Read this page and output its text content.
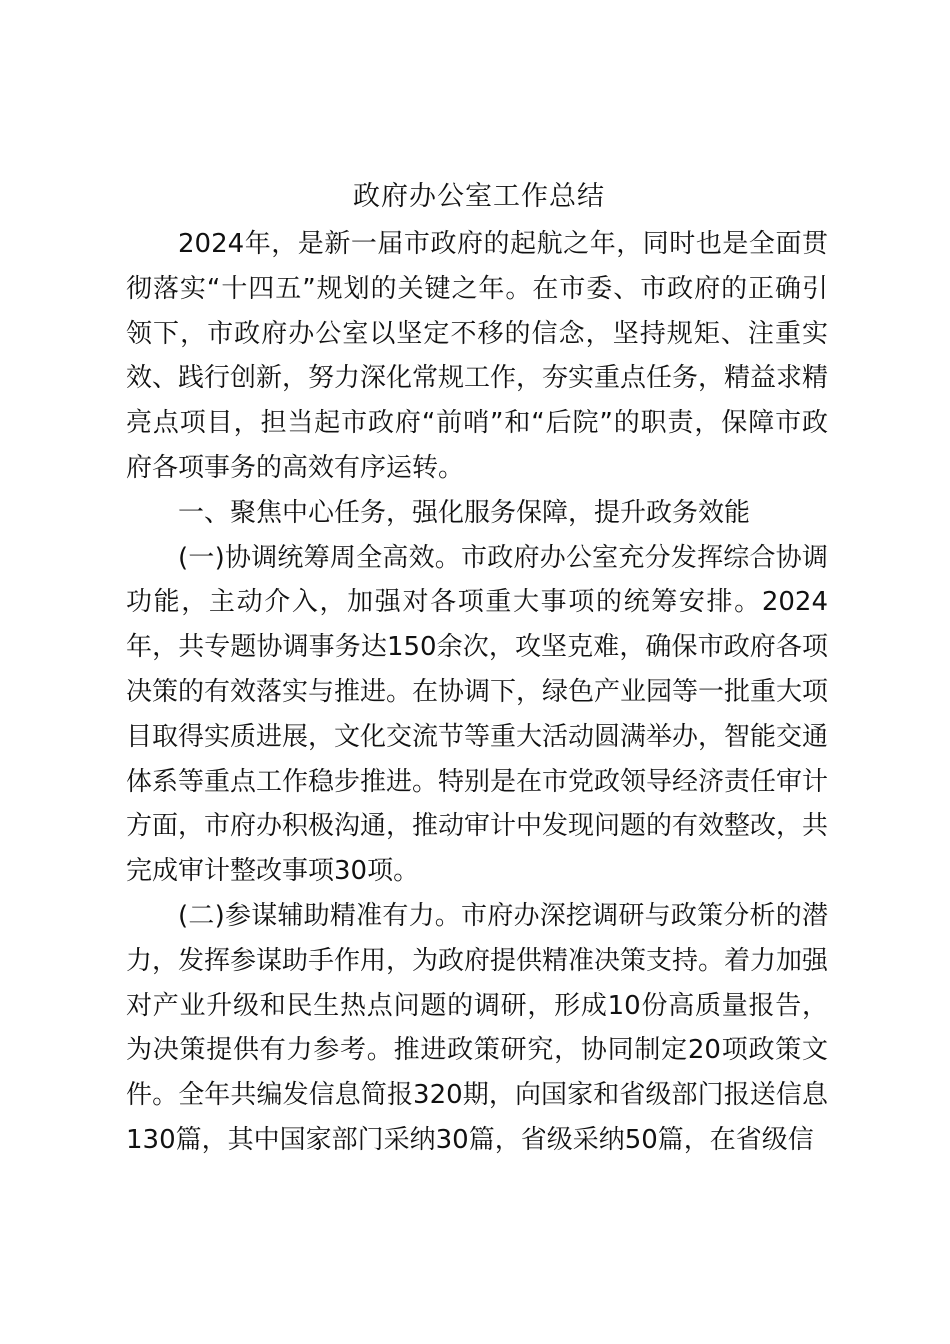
政府办公室工作总结

2024年，是新一届市政府的起航之年，同时也是全面贯彻落实“十四五”规划的关键之年。在市委、市政府的正确引领下，市政府办公室以坚定不移的信念，坚持规矩、注重实效、践行创新，努力深化常规工作，夯实重点任务，精益求精亮点项目，担当起市政府“前哨”和“后院”的职责，保障市政府各项事务的高效有序运转。

一、聚焦中心任务，强化服务保障，提升政务效能

(一)协调统筹周全高效。市政府办公室充分发挥综合协调功能，主动介入，加强对各项重大事项的统筹安排。2024年，共专题协调事务达150余次，攻坚克难，确保市政府各项决策的有效落实与推进。在协调下，绿色产业园等一批重大项目取得实质进展，文化交流节等重大活动圆满举办，智能交通体系等重点工作稳步推进。特别是在市党政领导经济责任审计方面，市府办积极沟通，推动审计中发现问题的有效整改，共完成审计整改事项30项。

(二)参谋辅助精准有力。市府办深挖调研与政策分析的潜力，发挥参谋助手作用，为政府提供精准决策支持。着力加强对产业升级和民生热点问题的调研，形成10份高质量报告，为决策提供有力参考。推进政策研究，协同制定20项政策文件。全年共编发信息简报320期，向国家和省级部门报送信息130篇，其中国家部门采纳30篇，省级采纳50篇，在省级信
